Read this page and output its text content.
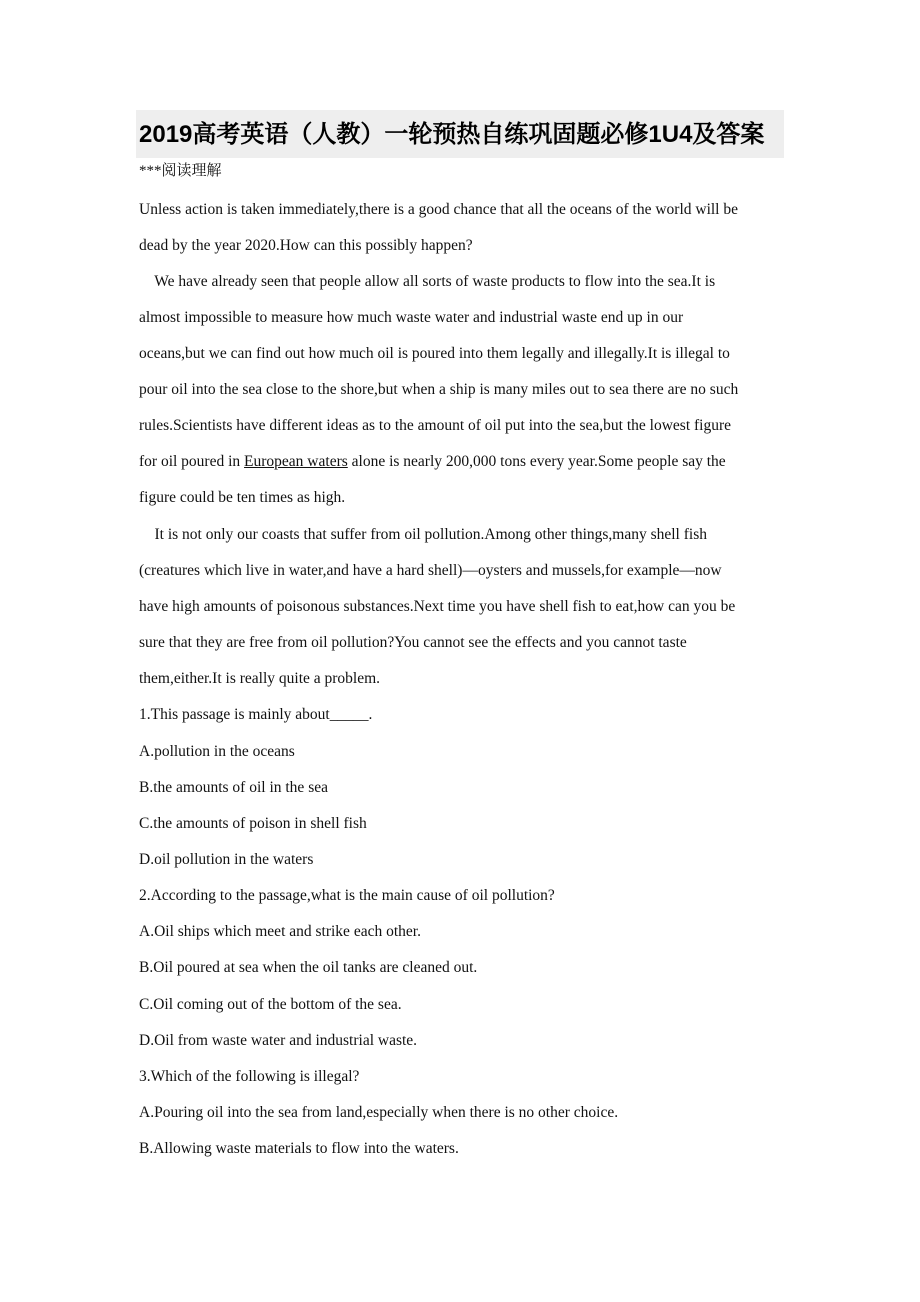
2019高考英语（人教）一轮预热自练巩固题必修1U4及答案
***阅读理解
Unless action is taken immediately,there is a good chance that all the oceans of the world will be
dead by the year 2020.How can this possibly happen?
We have already seen that people allow all sorts of waste products to flow into the sea.It is
almost impossible to measure how much waste water and industrial waste end up in our
oceans,but we can find out how much oil is poured into them legally and illegally.It is illegal to
pour oil into the sea close to the shore,but when a ship is many miles out to sea there are no such
rules.Scientists have different ideas as to the amount of oil put into the sea,but the lowest figure
for oil poured in European waters alone is nearly 200,000 tons every year.Some people say the
figure could be ten times as high.
It is not only our coasts that suffer from oil pollution.Among other things,many shell fish
(creatures which live in water,and have a hard shell)—oysters and mussels,for example—now
have high amounts of poisonous substances.Next time you have shell fish to eat,how can you be
sure that they are free from oil pollution?You cannot see the effects and you cannot taste
them,either.It is really quite a problem.
1.This passage is mainly about_____.
A.pollution in the oceans
B.the amounts of oil in the sea
C.the amounts of poison in shell fish
D.oil pollution in the waters
2.According to the passage,what is the main cause of oil pollution?
A.Oil ships which meet and strike each other.
B.Oil poured at sea when the oil tanks are cleaned out.
C.Oil coming out of the bottom of the sea.
D.Oil from waste water and industrial waste.
3.Which of the following is illegal?
A.Pouring oil into the sea from land,especially when there is no other choice.
B.Allowing waste materials to flow into the waters.
